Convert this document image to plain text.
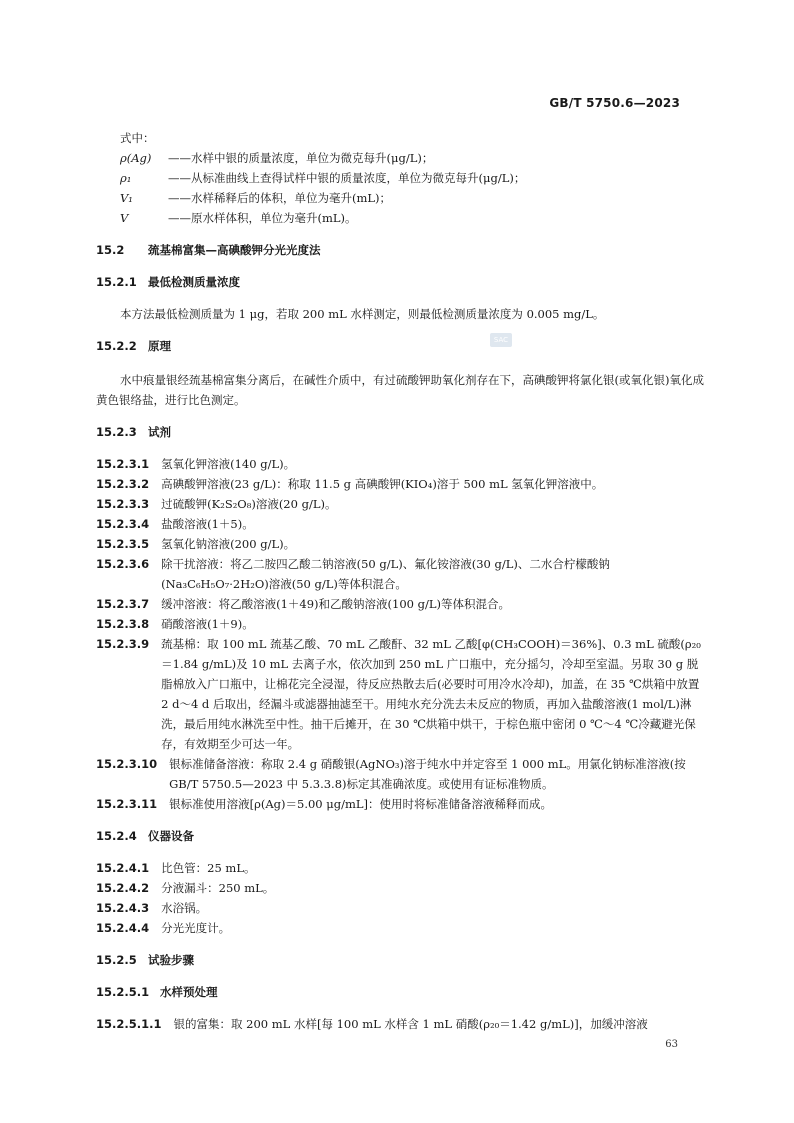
GB/T 5750.6—2023
SAC
式中：
ρ(Ag)	——水样中银的质量浓度，单位为微克每升(μg/L)；
ρ₁	——从标准曲线上查得试样中银的质量浓度，单位为微克每升(μg/L)；
V₁	——水样稀释后的体积，单位为毫升(mL)；
V	——原水样体积，单位为毫升(mL)。
15.2 巯基棉富集—高碘酸钾分光光度法
15.2.1 最低检测质量浓度
本方法最低检测质量为 1 μg，若取 200 mL 水样测定，则最低检测质量浓度为 0.005 mg/L。
15.2.2 原理
水中痕量银经巯基棉富集分离后，在碱性介质中，有过硫酸钾助氧化剂存在下，高碘酸钾将氯化银(或氧化银)氧化成黄色银络盐，进行比色测定。
15.2.3 试剂
15.2.3.1 氢氧化钾溶液(140 g/L)。
15.2.3.2 高碘酸钾溶液(23 g/L)：称取 11.5 g 高碘酸钾(KIO₄)溶于 500 mL 氢氧化钾溶液中。
15.2.3.3 过硫酸钾(K₂S₂O₈)溶液(20 g/L)。
15.2.3.4 盐酸溶液(1＋5)。
15.2.3.5 氢氧化钠溶液(200 g/L)。
15.2.3.6 除干扰溶液：将乙二胺四乙酸二钠溶液(50 g/L)、氟化铵溶液(30 g/L)、二水合柠檬酸钠(Na₃C₆H₅O₇·2H₂O)溶液(50 g/L)等体积混合。
15.2.3.7 缓冲溶液：将乙酸溶液(1＋49)和乙酸钠溶液(100 g/L)等体积混合。
15.2.3.8 硝酸溶液(1＋9)。
15.2.3.9 巯基棉：取 100 mL 巯基乙酸、70 mL 乙酸酐、32 mL 乙酸[φ(CH₃COOH)＝36%]、0.3 mL 硫酸(ρ₂₀＝1.84 g/mL)及 10 mL 去离子水，依次加到 250 mL 广口瓶中，充分摇匀，冷却至室温。另取 30 g 脱脂棉放入广口瓶中，让棉花完全浸湿，待反应热散去后(必要时可用冷水冷却)，加盖，在 35 ℃烘箱中放置 2 d～4 d 后取出，经漏斗或滤器抽滤至干。用纯水充分洗去未反应的物质，再加入盐酸溶液(1 mol/L)淋洗，最后用纯水淋洗至中性。抽干后摊开，在 30 ℃烘箱中烘干，于棕色瓶中密闭 0 ℃～4 ℃冷藏避光保存，有效期至少可达一年。
15.2.3.10 银标准储备溶液：称取 2.4 g 硝酸银(AgNO₃)溶于纯水中并定容至 1 000 mL。用氯化钠标准溶液(按 GB/T 5750.5—2023 中 5.3.3.8)标定其准确浓度。或使用有证标准物质。
15.2.3.11 银标准使用溶液[ρ(Ag)＝5.00 μg/mL]：使用时将标准储备溶液稀释而成。
15.2.4 仪器设备
15.2.4.1 比色管：25 mL。
15.2.4.2 分液漏斗：250 mL。
15.2.4.3 水浴锅。
15.2.4.4 分光光度计。
15.2.5 试验步骤
15.2.5.1 水样预处理
15.2.5.1.1 银的富集：取 200 mL 水样[每 100 mL 水样含 1 mL 硝酸(ρ₂₀＝1.42 g/mL)]，加缓冲溶液
63
